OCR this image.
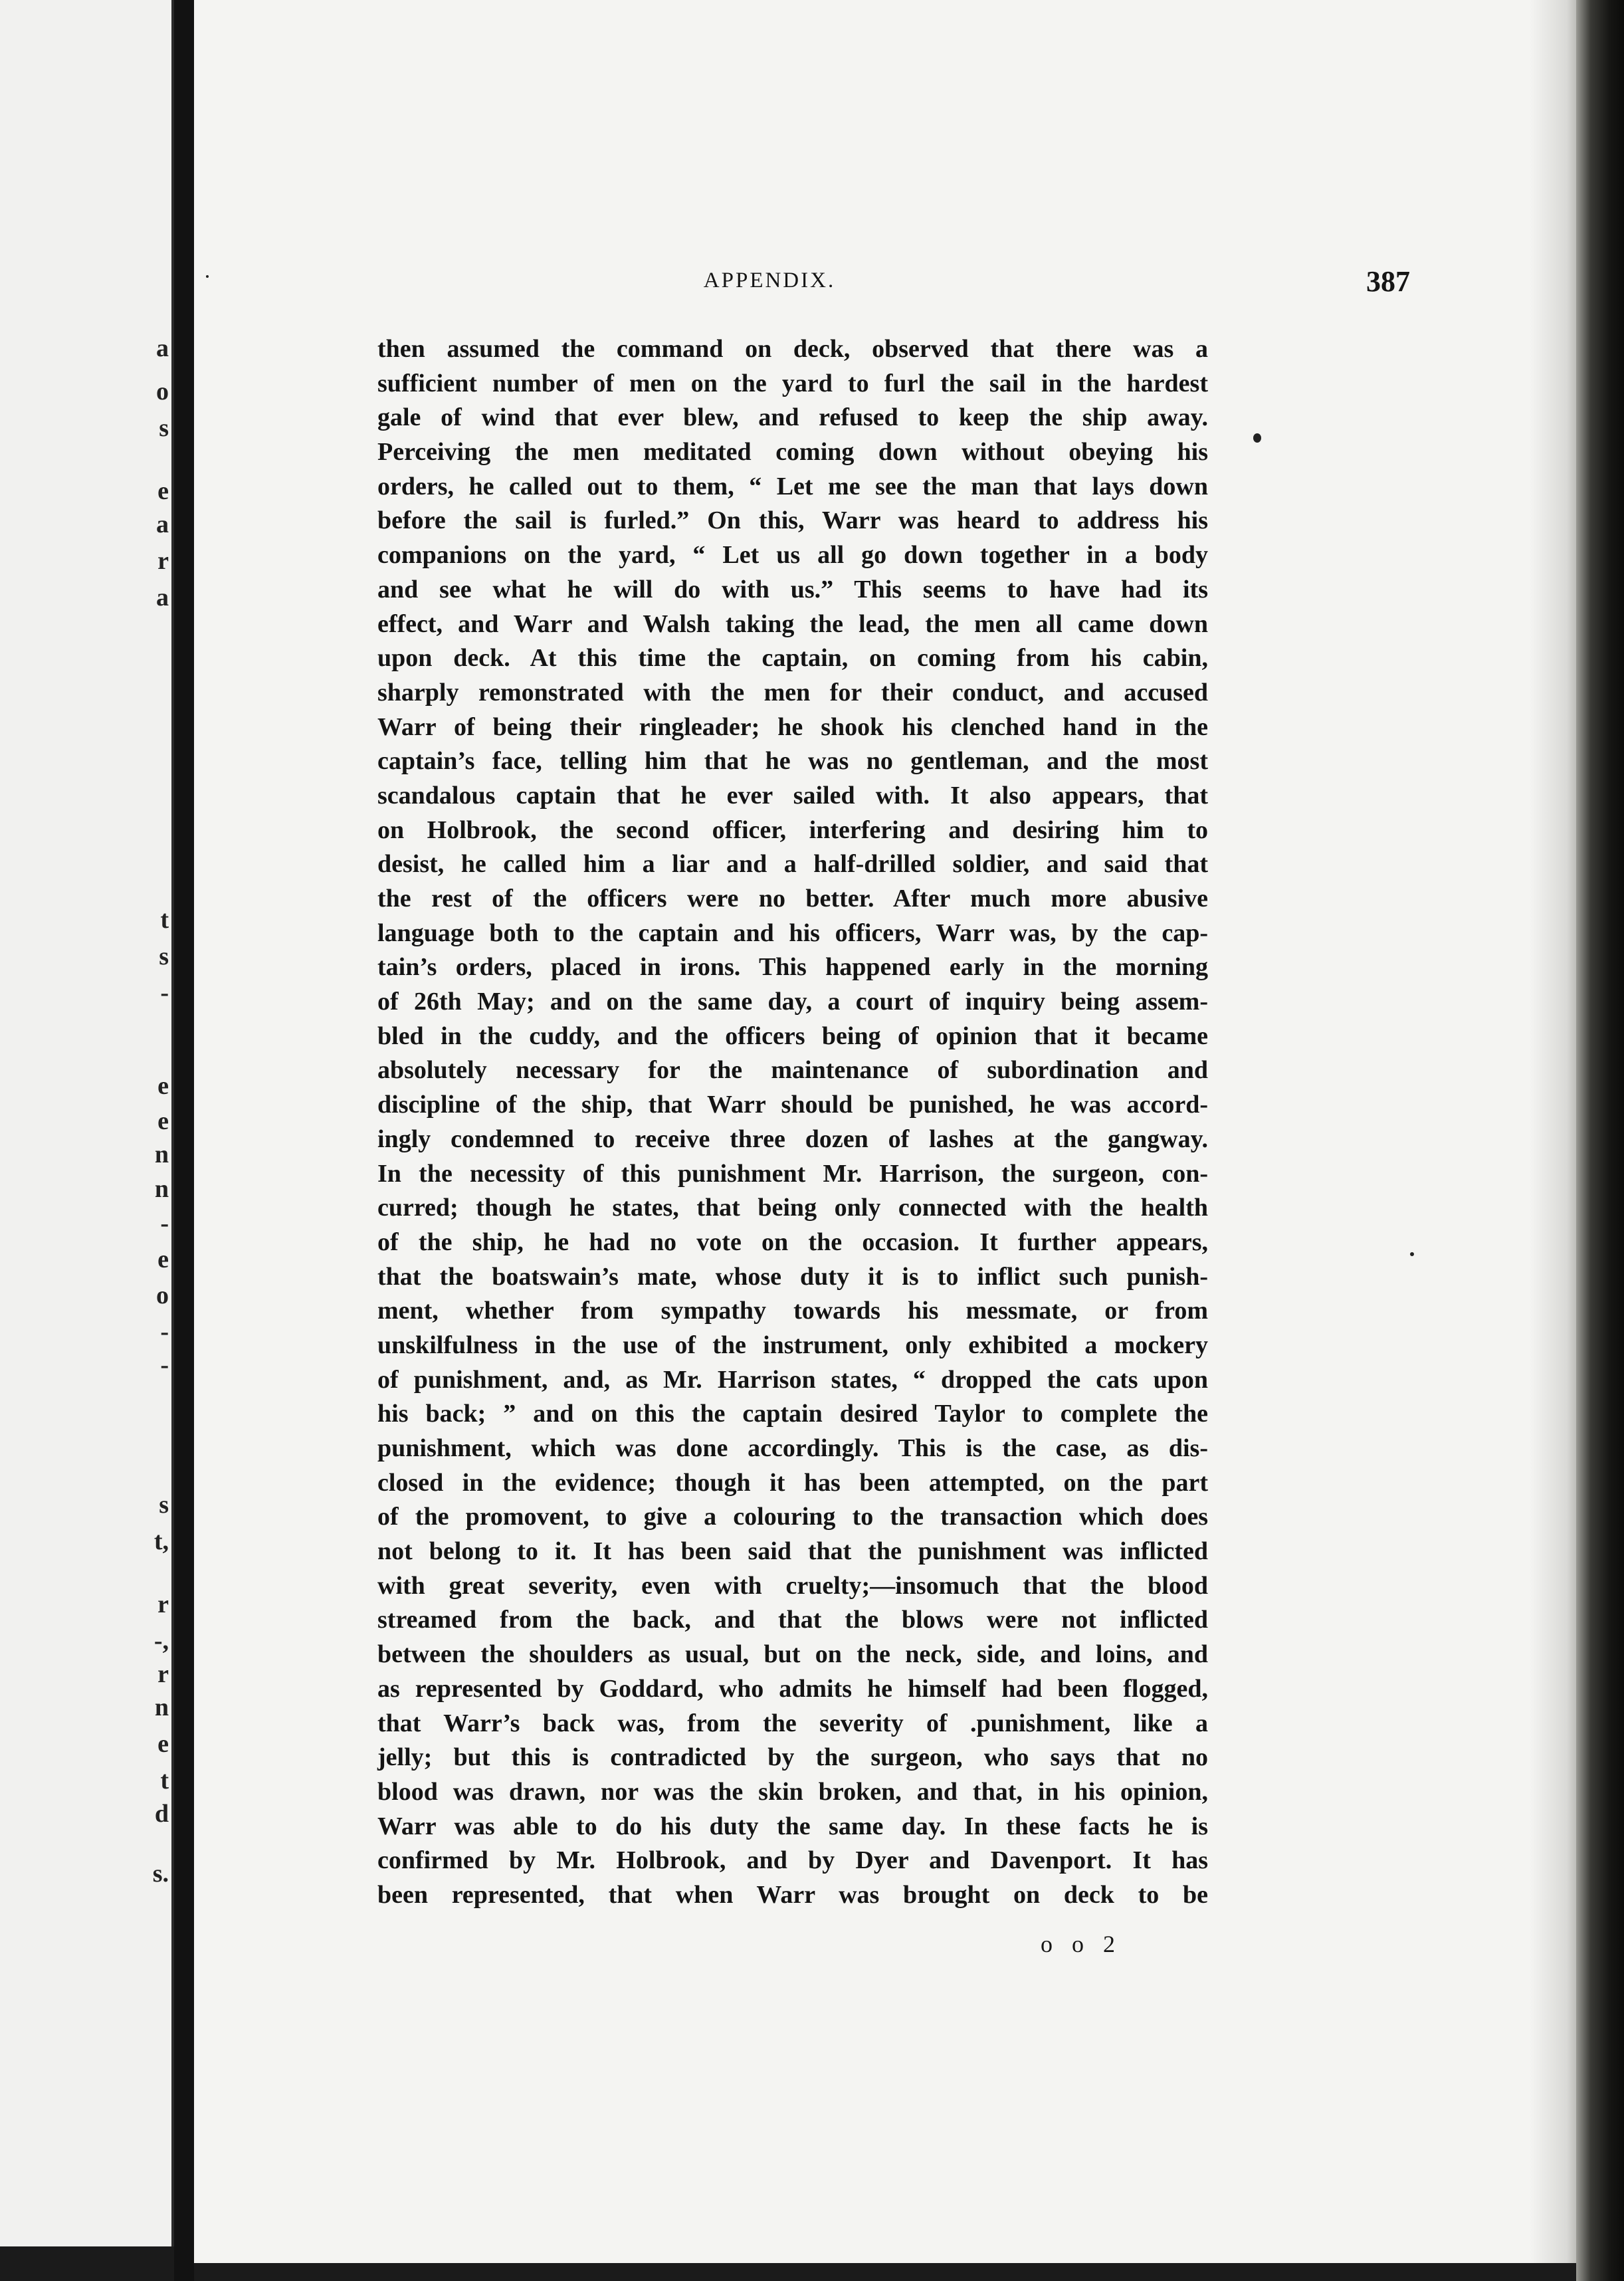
a
o
s
e
a
r
a
t
s
-
e
e
n
n
-
e
o
-
-
s
t,
r
-,
r
n
e
t
d
s.
APPENDIX.	387
then assumed the command on deck, observed that there was a
sufficient number of men on the yard to furl the sail in the hardest
gale of wind that ever blew, and refused to keep the ship away.
Perceiving the men meditated coming down without obeying his
orders, he called out to them, “ Let me see the man that lays down
before the sail is furled.” On this, Warr was heard to address his
companions on the yard, “ Let us all go down together in a body
and see what he will do with us.” This seems to have had its
effect, and Warr and Walsh taking the lead, the men all came down
upon deck. At this time the captain, on coming from his cabin,
sharply remonstrated with the men for their conduct, and accused
Warr of being their ringleader; he shook his clenched hand in the
captain’s face, telling him that he was no gentleman, and the most
scandalous captain that he ever sailed with. It also appears, that
on Holbrook, the second officer, interfering and desiring him to
desist, he called him a liar and a half-drilled soldier, and said that
the rest of the officers were no better. After much more abusive
language both to the captain and his officers, Warr was, by the cap-
tain’s orders, placed in irons. This happened early in the morning
of 26th May; and on the same day, a court of inquiry being assem-
bled in the cuddy, and the officers being of opinion that it became
absolutely necessary for the maintenance of subordination and
discipline of the ship, that Warr should be punished, he was accord-
ingly condemned to receive three dozen of lashes at the gangway.
In the necessity of this punishment Mr. Harrison, the surgeon, con-
curred; though he states, that being only connected with the health
of the ship, he had no vote on the occasion. It further appears,
that the boatswain’s mate, whose duty it is to inflict such punish-
ment, whether from sympathy towards his messmate, or from
unskilfulness in the use of the instrument, only exhibited a mockery
of punishment, and, as Mr. Harrison states, “ dropped the cats upon
his back; ” and on this the captain desired Taylor to complete the
punishment, which was done accordingly. This is the case, as dis-
closed in the evidence; though it has been attempted, on the part
of the promovent, to give a colouring to the transaction which does
not belong to it. It has been said that the punishment was inflicted
with great severity, even with cruelty;—insomuch that the blood
streamed from the back, and that the blows were not inflicted
between the shoulders as usual, but on the neck, side, and loins, and
as represented by Goddard, who admits he himself had been flogged,
that Warr’s back was, from the severity of .punishment, like a
jelly; but this is contradicted by the surgeon, who says that no
blood was drawn, nor was the skin broken, and that, in his opinion,
Warr was able to do his duty the same day. In these facts he is
confirmed by Mr. Holbrook, and by Dyer and Davenport. It has
been represented, that when Warr was brought on deck to be
o o 2
